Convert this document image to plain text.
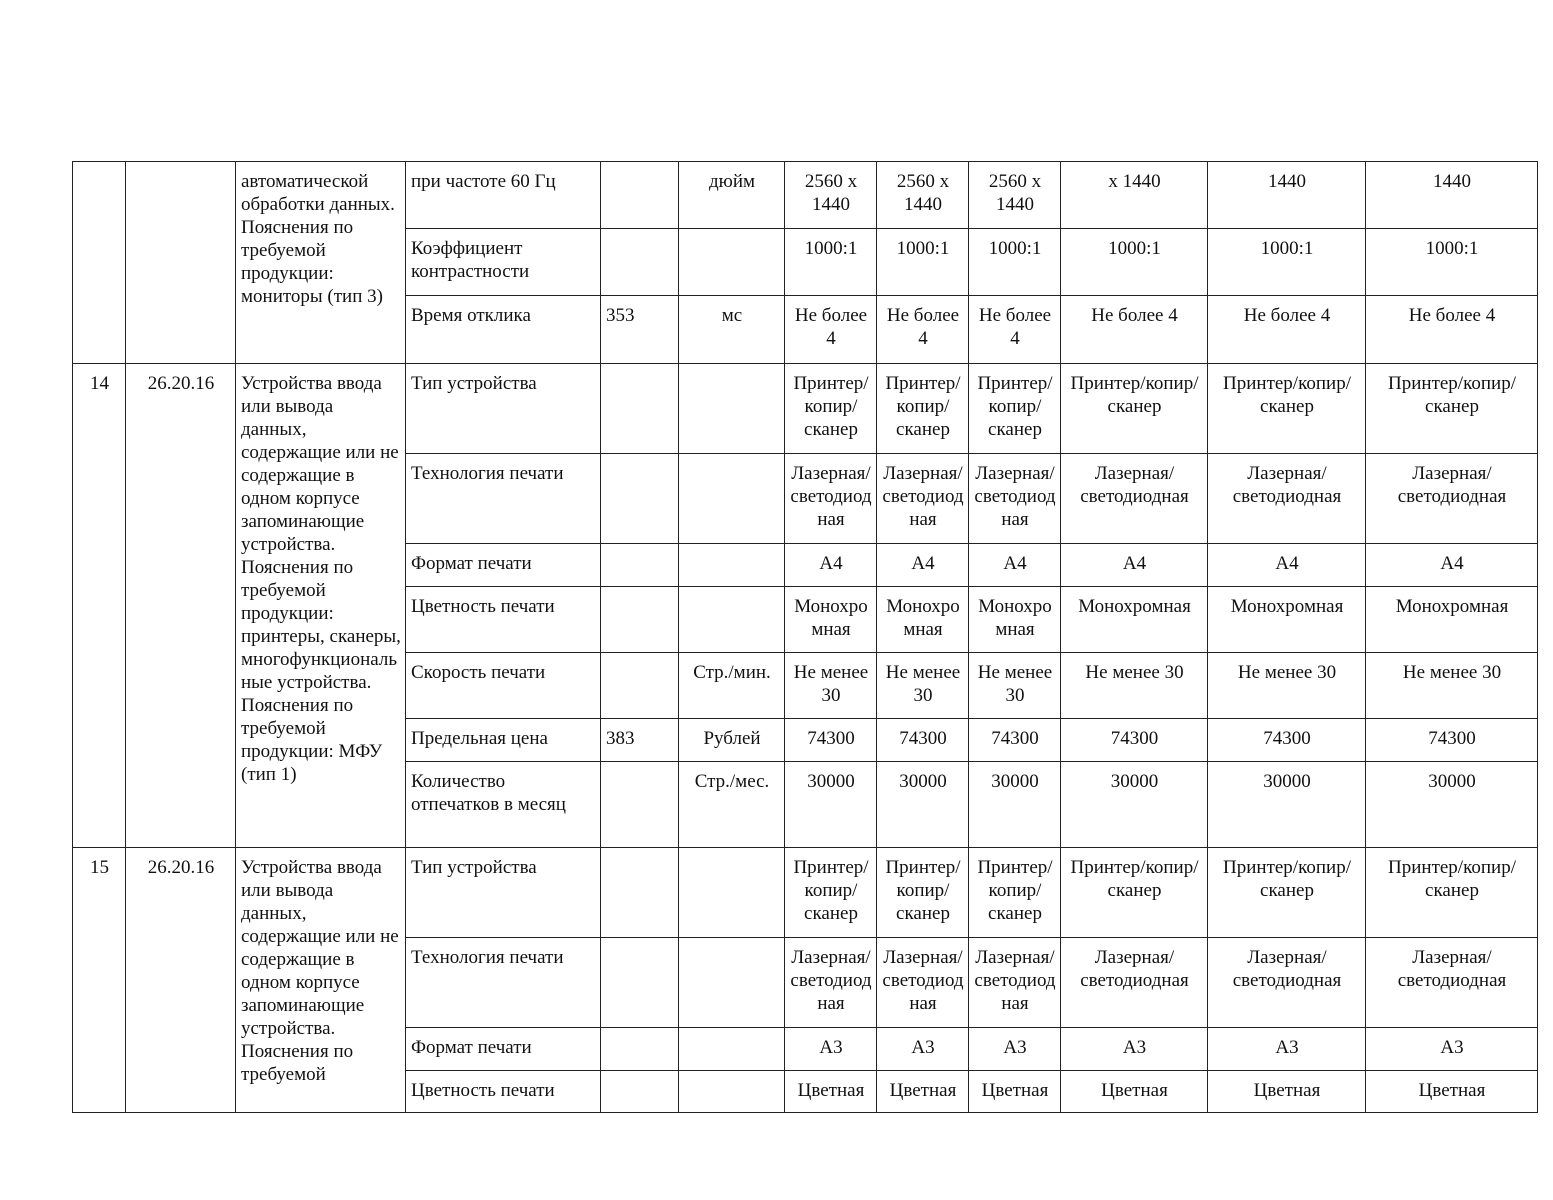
		автоматической обработки данных. Пояснения по требуемой продукции: мониторы (тип 3)	при частоте 60 Гц		дюйм	2560 х 1440	2560 х 1440	2560 х 1440	х 1440	1440	1440
			Коэффициент контрастности			1000:1	1000:1	1000:1	1000:1	1000:1	1000:1
			Время отклика	353	мс	Не более 4	Не более 4	Не более 4	Не более 4	Не более 4	Не более 4
14	26.20.16	Устройства ввода или вывода данных, содержащие или не содержащие в одном корпусе запоминающие устройства. Пояснения по требуемой продукции: принтеры, сканеры, многофункциональные устройства. Пояснения по требуемой продукции: МФУ (тип 1)	Тип устройства			Принтер/копир/сканер	Принтер/копир/сканер	Принтер/копир/сканер	Принтер/копир/сканер	Принтер/копир/сканер	Принтер/копир/сканер
			Технология печати			Лазерная/светодиодная	Лазерная/светодиодная	Лазерная/светодиодная	Лазерная/светодиодная	Лазерная/светодиодная	Лазерная/светодиодная
			Формат печати			А4	А4	А4	А4	А4	А4
			Цветность печати			Монохромная	Монохромная	Монохромная	Монохромная	Монохромная	Монохромная
			Скорость печати		Стр./мин.	Не менее 30	Не менее 30	Не менее 30	Не менее 30	Не менее 30	Не менее 30
			Предельная цена	383	Рублей	74300	74300	74300	74300	74300	74300
			Количество отпечатков в месяц		Стр./мес.	30000	30000	30000	30000	30000	30000
15	26.20.16	Устройства ввода или вывода данных, содержащие или не содержащие в одном корпусе запоминающие устройства. Пояснения по требуемой	Тип устройства			Принтер/копир/сканер	Принтер/копир/сканер	Принтер/копир/сканер	Принтер/копир/сканер	Принтер/копир/сканер	Принтер/копир/сканер
			Технология печати			Лазерная/светодиодная	Лазерная/светодиодная	Лазерная/светодиодная	Лазерная/светодиодная	Лазерная/светодиодная	Лазерная/светодиодная
			Формат печати			А3	А3	А3	А3	А3	А3
			Цветность печати			Цветная	Цветная	Цветная	Цветная	Цветная	Цветная
